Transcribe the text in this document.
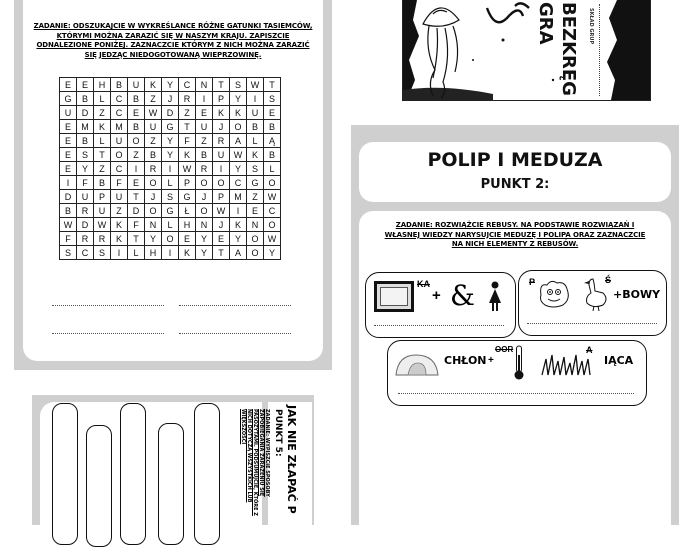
ZADANIE: ODSZUKAJCIE W WYKREŚLANCE RÓŻNE GATUNKI TASIEMCÓW,
KTÓRYMI MOŻNA ZARAZIĆ SIĘ W NASZYM KRAJU. ZAPISZCIE
ODNALEZIONE PONIŻEJ. ZAZNACZCIE KTÓRYM Z NICH MOŻNA ZARAZIĆ
SIĘ JEDZĄC NIEDOGOTOWANĄ WIEPRZOWINĘ.
E	E	H	B	U	K	Y	C	N	T	S	W	T
G	B	L	C	B	Z	J	R	I	P	Y	I	S
U	D	Z	C	E	W	D	Z	E	K	K	U	E
E	M	K	M	B	U	G	T	U	J	O	B	B
E	B	L	U	O	Z	Y	F	Z	R	A	L	Ą
E	S	T	O	Z	B	Y	K	B	U	W	K	B
E	Y	Z	C	I	R	I	W	R	I	Y	S	L
I	F	B	F	E	O	L	P	O	O	C	G	O
D	U	P	U	T	J	S	G	J	P	M	Z	W
B	R	U	Z	D	O	G	Ł	O	W	I	E	C
W	D	W	K	F	N	L	H	N	J	K	N	O
F	R	R	K	T	Y	O	E	Y	E	Y	O	W
S	C	S	I	L	H	I	K	Y	T	A	O	Y
GRA BEZKRĘG SKŁAD GRUP
POLIP I MEDUZA
PUNKT 2:
ZADANIE: ROZWIĄŻCIE REBUSY. NA PODSTAWIE ROZWIĄZAŃ I
WŁASNEJ WIEDZY NARYSUJCIE MEDUZĘ I POLIPA ORAZ ZAZNACZCIE
NA NICH ELEMENTY Z REBUSÓW.
KA
+ &	P	Ś
+BOWY
CHŁON +
OOR	A
IĄCA
ZADANIE: WYPISZCIE SPOSOBY ZAPOBIEGANIA ZARAŻENIU SIĘ PASOŻYTAMI. PODSUMUJCIE, KTÓRE Z NICH DOTYCZĄ WSZYSTKICH LUB WIĘKSZOŚCI	PUNKT 5: JAK NIE ZŁAPAĆ P
